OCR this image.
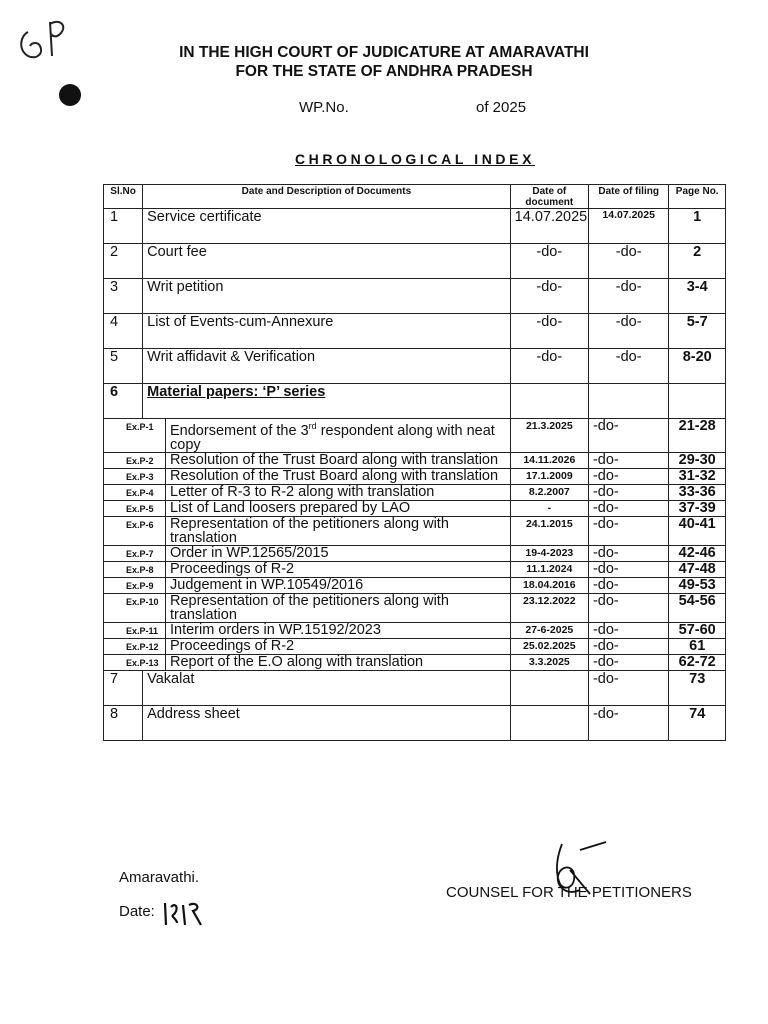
IN THE HIGH COURT OF JUDICATURE AT AMARAVATHI
FOR THE STATE OF ANDHRA PRADESH
WP.No.	of 2025
CHRONOLOGICAL INDEX
Sl.No	Date and Description of Documents	Date of document	Date of filing	Page No.
1	Service certificate	14.07.2025	14.07.2025	1
2	Court fee	-do-	-do-	2
3	Writ petition	-do-	-do-	3-4
4	List of Events-cum-Annexure	-do-	-do-	5-7
5	Writ affidavit & Verification	-do-	-do-	8-20
6	Material papers: ‘P’ series			

Ex.P-1 Endorsement of the 3rd respondent along with neat copy		21.3.2025	-do-	21-28

Ex.P-2 Resolution of the Trust Board along with translation		14.11.2026	-do-	29-30

Ex.P-3 Resolution of the Trust Board along with translation		17.1.2009	-do-	31-32

Ex.P-4 Letter of R-3 to R-2 along with translation		8.2.2007	-do-	33-36

Ex.P-5 List of Land loosers prepared by LAO		-	-do-	37-39

Ex.P-6 Representation of the petitioners along with translation		24.1.2015	-do-	40-41

Ex.P-7 Order in WP.12565/2015		19-4-2023	-do-	42-46

Ex.P-8 Proceedings of R-2		11.1.2024	-do-	47-48

Ex.P-9 Judgement in WP.10549/2016		18.04.2016	-do-	49-53

Ex.P-10 Representation of the petitioners along with translation		23.12.2022	-do-	54-56

Ex.P-11 Interim orders in WP.15192/2023		27-6-2025	-do-	57-60

Ex.P-12 Proceedings of R-2		25.02.2025	-do-	61

Ex.P-13 Report of the E.O along with translation		3.3.2025	-do-	62-72
7	Vakalat		-do-	73
8	Address sheet		-do-	74
Amaravathi.
Date:
COUNSEL FOR THE PETITIONERS
